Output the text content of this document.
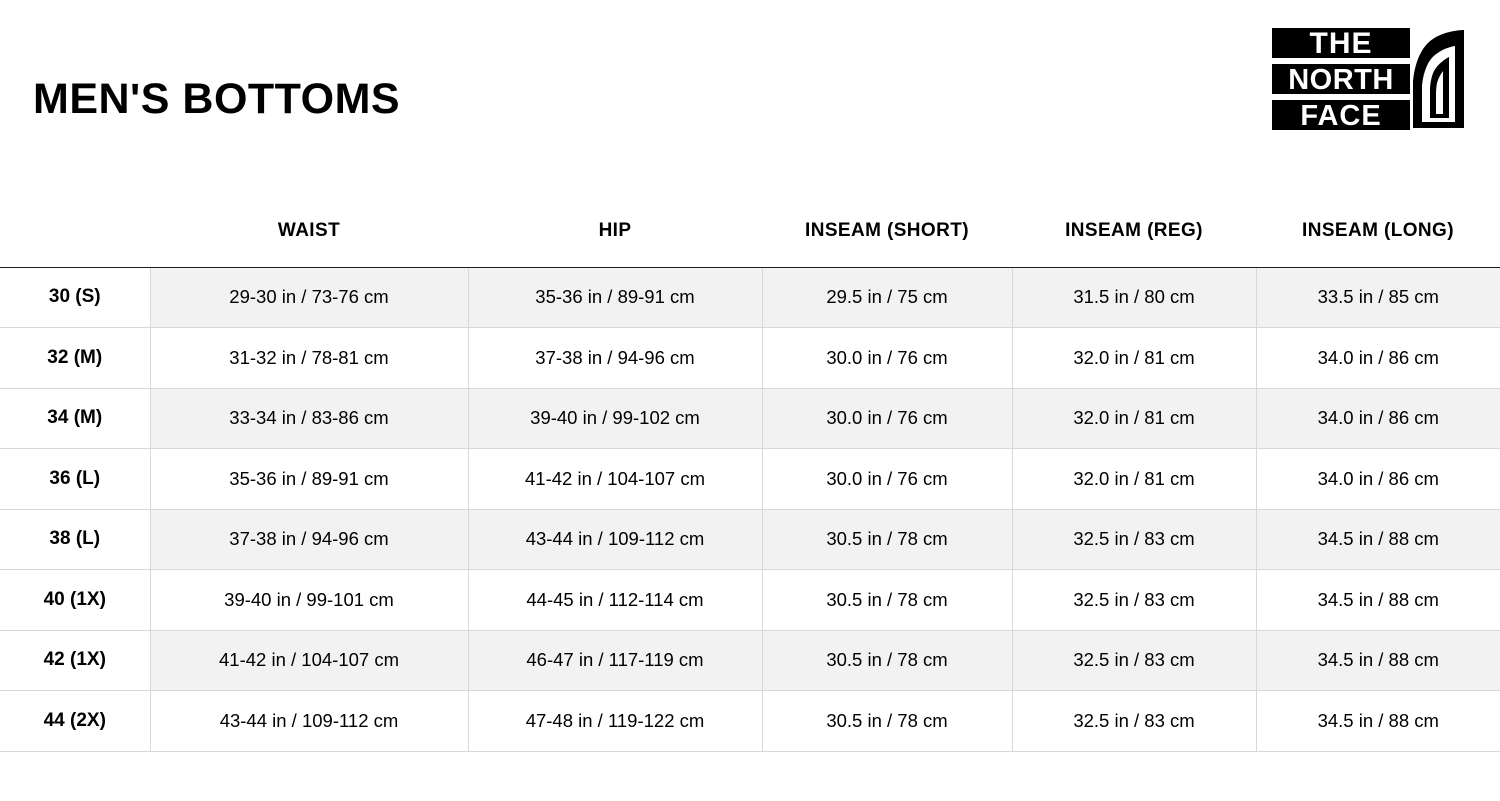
MEN'S BOTTOMS
THE
NORTH
FACE
	WAIST	HIP	INSEAM (SHORT)	INSEAM (REG)	INSEAM (LONG)
30 (S)	29-30 in / 73-76 cm	35-36 in / 89-91 cm	29.5 in / 75 cm	31.5 in / 80 cm	33.5 in / 85 cm
32 (M)	31-32 in / 78-81 cm	37-38 in / 94-96 cm	30.0 in / 76 cm	32.0 in / 81 cm	34.0 in / 86 cm
34 (M)	33-34 in / 83-86 cm	39-40 in / 99-102 cm	30.0 in / 76 cm	32.0 in / 81 cm	34.0 in / 86 cm
36 (L)	35-36 in / 89-91 cm	41-42 in / 104-107 cm	30.0 in / 76 cm	32.0 in / 81 cm	34.0 in / 86 cm
38 (L)	37-38 in / 94-96 cm	43-44 in / 109-112 cm	30.5 in / 78 cm	32.5 in / 83 cm	34.5 in / 88 cm
40 (1X)	39-40 in / 99-101 cm	44-45 in / 112-114 cm	30.5 in / 78 cm	32.5 in / 83 cm	34.5 in / 88 cm
42 (1X)	41-42 in / 104-107 cm	46-47 in / 117-119 cm	30.5 in / 78 cm	32.5 in / 83 cm	34.5 in / 88 cm
44 (2X)	43-44 in / 109-112 cm	47-48 in / 119-122 cm	30.5 in / 78 cm	32.5 in / 83 cm	34.5 in / 88 cm
